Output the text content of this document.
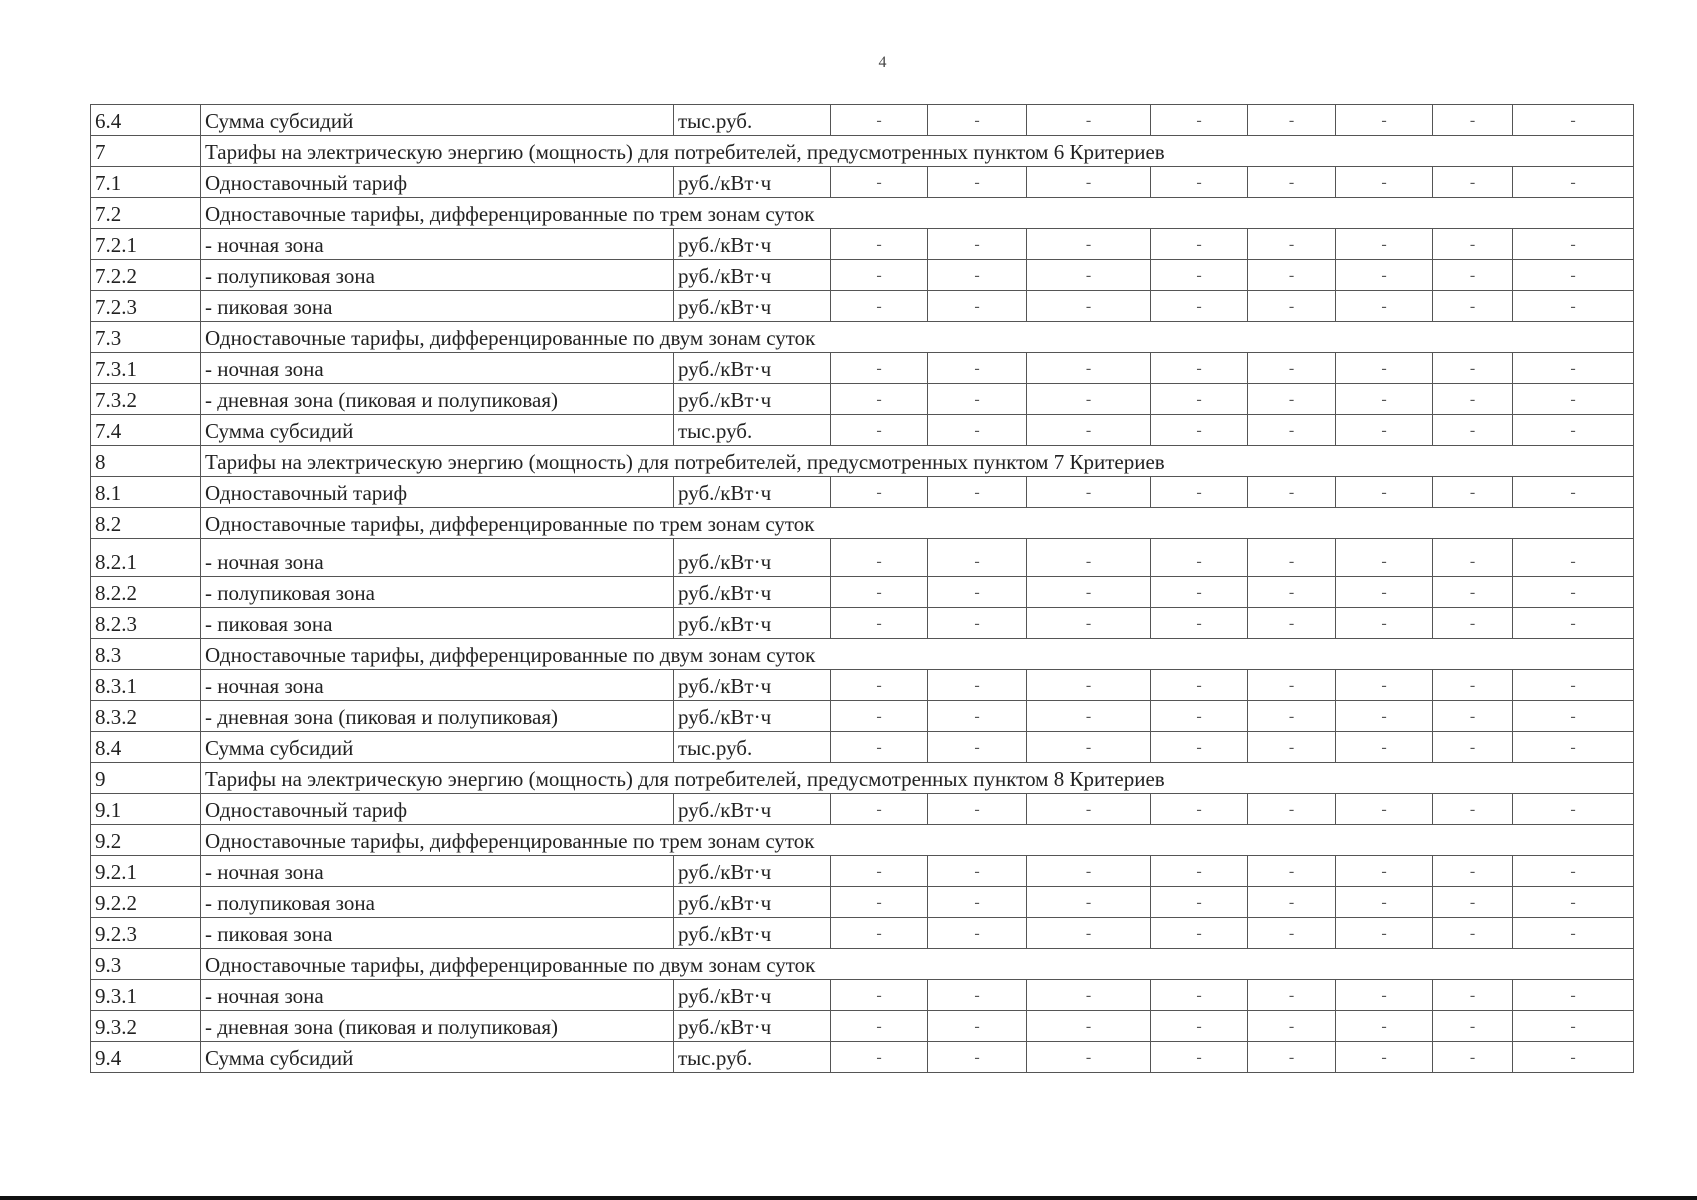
4
6.4	Сумма субсидий	тыс.руб.	-	-	-	-	-	-	-	-
7	Тарифы на электрическую энергию (мощность) для потребителей, предусмотренных пунктом 6 Критериев									
7.1	Одноставочный тариф	руб./кВт·ч	-	-	-	-	-	-	-	-
7.2	Одноставочные тарифы, дифференцированные по трем зонам суток									
7.2.1	- ночная зона	руб./кВт·ч	-	-	-	-	-	-	-	-
7.2.2	- полупиковая зона	руб./кВт·ч	-	-	-	-	-	-	-	-
7.2.3	- пиковая зона	руб./кВт·ч	-	-	-	-	-	-	-	-
7.3	Одноставочные тарифы, дифференцированные по двум зонам суток									
7.3.1	- ночная зона	руб./кВт·ч	-	-	-	-	-	-	-	-
7.3.2	- дневная зона (пиковая и полупиковая)	руб./кВт·ч	-	-	-	-	-	-	-	-
7.4	Сумма субсидий	тыс.руб.	-	-	-	-	-	-	-	-
8	Тарифы на электрическую энергию (мощность) для потребителей, предусмотренных пунктом 7 Критериев									
8.1	Одноставочный тариф	руб./кВт·ч	-	-	-	-	-	-	-	-
8.2	Одноставочные тарифы, дифференцированные по трем зонам суток									
8.2.1	- ночная зона	руб./кВт·ч	-	-	-	-	-	-	-	-
8.2.2	- полупиковая зона	руб./кВт·ч	-	-	-	-	-	-	-	-
8.2.3	- пиковая зона	руб./кВт·ч	-	-	-	-	-	-	-	-
8.3	Одноставочные тарифы, дифференцированные по двум зонам суток									
8.3.1	- ночная зона	руб./кВт·ч	-	-	-	-	-	-	-	-
8.3.2	- дневная зона (пиковая и полупиковая)	руб./кВт·ч	-	-	-	-	-	-	-	-
8.4	Сумма субсидий	тыс.руб.	-	-	-	-	-	-	-	-
9	Тарифы на электрическую энергию (мощность) для потребителей, предусмотренных пунктом 8 Критериев									
9.1	Одноставочный тариф	руб./кВт·ч	-	-	-	-	-	-	-	-
9.2	Одноставочные тарифы, дифференцированные по трем зонам суток									
9.2.1	- ночная зона	руб./кВт·ч	-	-	-	-	-	-	-	-
9.2.2	- полупиковая зона	руб./кВт·ч	-	-	-	-	-	-	-	-
9.2.3	- пиковая зона	руб./кВт·ч	-	-	-	-	-	-	-	-
9.3	Одноставочные тарифы, дифференцированные по двум зонам суток									
9.3.1	- ночная зона	руб./кВт·ч	-	-	-	-	-	-	-	-
9.3.2	- дневная зона (пиковая и полупиковая)	руб./кВт·ч	-	-	-	-	-	-	-	-
9.4	Сумма субсидий	тыс.руб.	-	-	-	-	-	-	-	-
